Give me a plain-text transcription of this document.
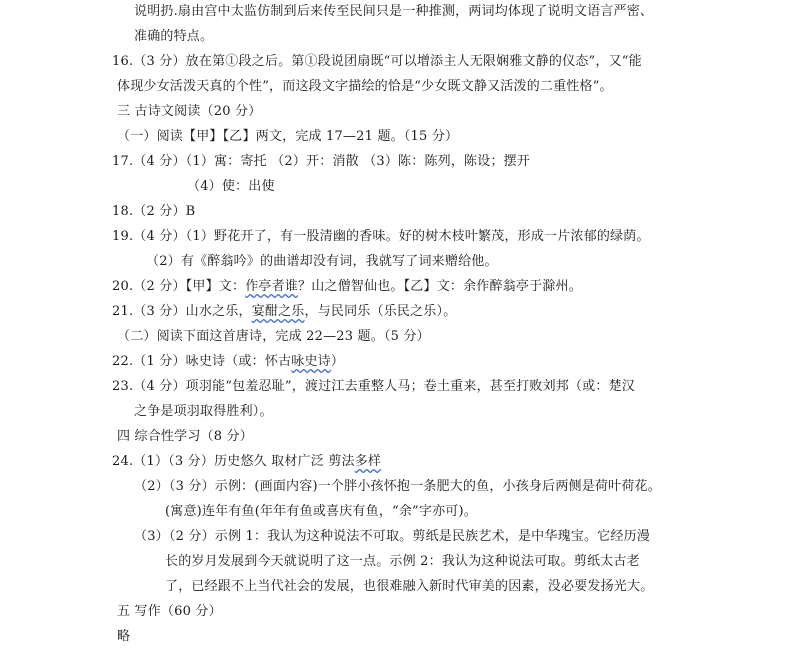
说明扔.扇由宫中太监仿制到后来传至民间只是一种推测，两词均体现了说明文语言严密、
准确的特点。
16.（3 分）放在第①段之后。第①段说团扇既“可以增添主人无限娴雅文静的仪态”，又“能
体现少女活泼天真的个性”，而这段文字描绘的恰是“少女既文静又活泼的二重性格”。
三 古诗文阅读（20 分）
（一）阅读【甲】【乙】两文，完成 17—21 题。（15 分）
17.（4 分）（1）寓：寄托 （2）开：消散 （3）陈：陈列，陈设；摆开
（4）使：出使
18.（2 分）B
19.（4 分）（1）野花开了，有一股清幽的香味。好的树木枝叶繁茂，形成一片浓郁的绿荫。
（2）有《醉翁吟》的曲谱却没有词，我就写了词来赠给他。
20.（2 分）【甲】文：作亭者谁？山之僧智仙也。【乙】文：余作醉翁亭于滁州。
21.（3 分）山水之乐，宴酣之乐，与民同乐（乐民之乐）。
（二）阅读下面这首唐诗，完成 22—23 题。（5 分）
22.（1 分）咏史诗（或：怀古咏史诗）
23.（4 分）项羽能“包羞忍耻”，渡过江去重整人马；卷土重来，甚至打败刘邦（或：楚汉
之争是项羽取得胜利）。
四 综合性学习（8 分）
24.（1）（3 分）历史悠久 取材广泛 剪法多样
（2）（3 分）示例：(画面内容)一个胖小孩怀抱一条肥大的鱼，小孩身后两侧是荷叶荷花。
(寓意)连年有鱼(年年有鱼或喜庆有鱼，“余”字亦可)。
（3）（2 分）示例 1：我认为这种说法不可取。剪纸是民族艺术，是中华瑰宝。它经历漫
长的岁月发展到今天就说明了这一点。示例 2：我认为这种说法可取。剪纸太古老
了，已经跟不上当代社会的发展，也很难融入新时代审美的因素，没必要发扬光大。
五 写作（60 分）
略
